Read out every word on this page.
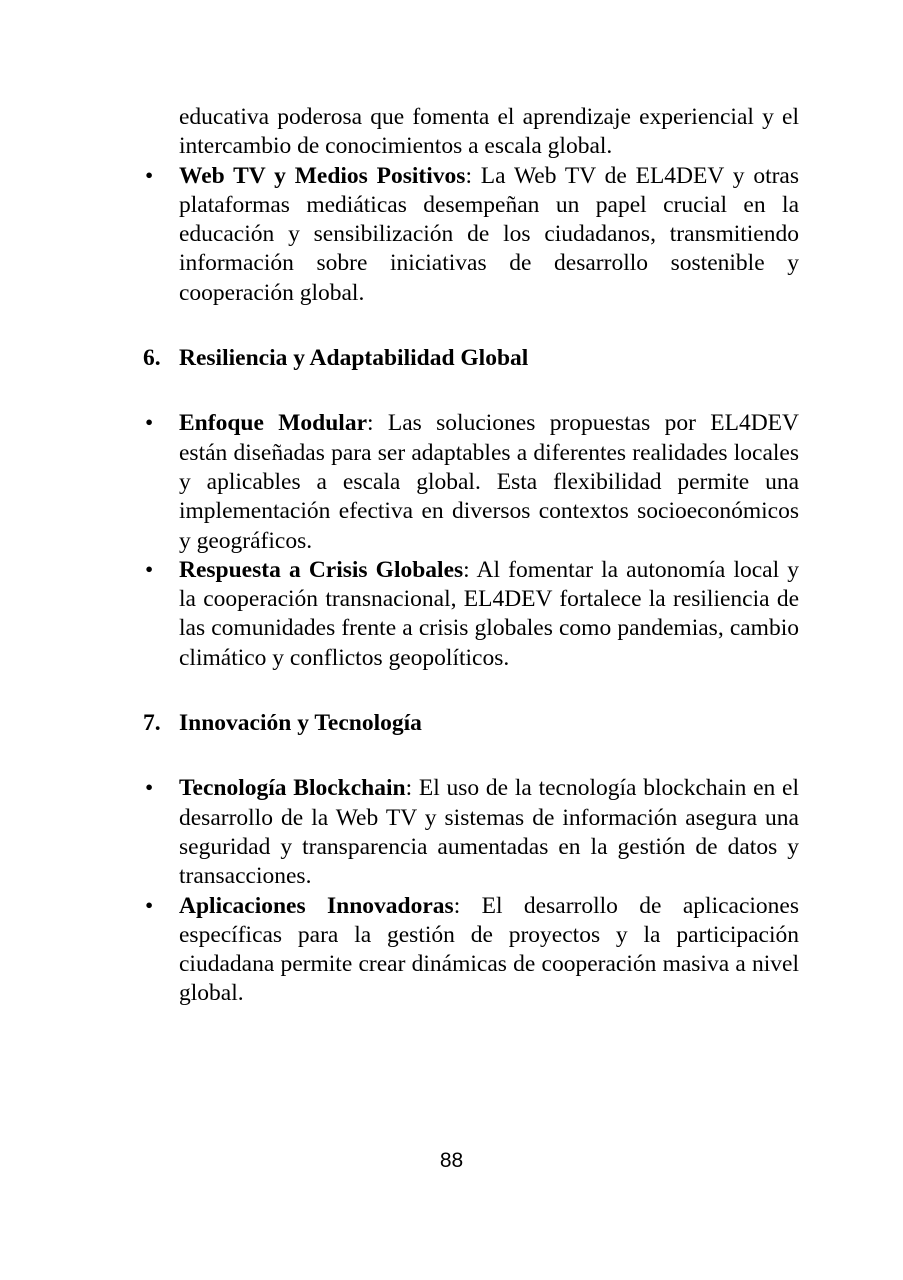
educativa poderosa que fomenta el aprendizaje experiencial y el intercambio de conocimientos a escala global.

•	Web TV y Medios Positivos: La Web TV de EL4DEV y otras plataformas mediáticas desempeñan un papel crucial en la educación y sensibilización de los ciudadanos, transmitiendo información sobre iniciativas de desarrollo sostenible y cooperación global.

6. Resiliencia y Adaptabilidad Global
•	Enfoque Modular: Las soluciones propuestas por EL4DEV están diseñadas para ser adaptables a diferentes realidades locales y aplicables a escala global. Esta flexibilidad permite una implementación efectiva en diversos contextos socioeconómicos y geográficos.

•	Respuesta a Crisis Globales: Al fomentar la autonomía local y la cooperación transnacional, EL4DEV fortalece la resiliencia de las comunidades frente a crisis globales como pandemias, cambio climático y conflictos geopolíticos.

7. Innovación y Tecnología
•	Tecnología Blockchain: El uso de la tecnología blockchain en el desarrollo de la Web TV y sistemas de información asegura una seguridad y transparencia aumentadas en la gestión de datos y transacciones.

•	Aplicaciones Innovadoras: El desarrollo de aplicaciones específicas para la gestión de proyectos y la participación ciudadana permite crear dinámicas de cooperación masiva a nivel global.

88
